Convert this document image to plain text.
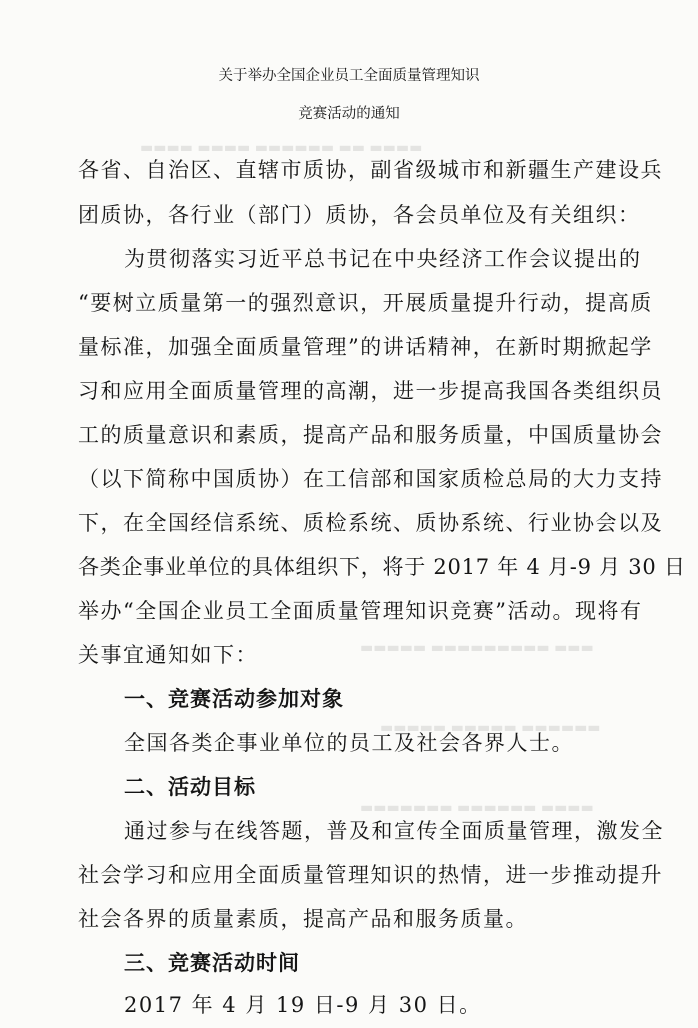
▬▬▬▬ ▬▬ ▬▬▬▬▬▬ ▬▬▬▬ ▬▬▬▬
▬▬▬ ▬▬▬▬▬▬▬▬▬ ▬▬▬▬▬
▬▬▬▬▬▬ ▬▬▬▬▬ ▬▬▬▬▬
▬▬▬▬ ▬▬▬▬▬▬ ▬▬▬▬▬▬▬
关于举办全国企业员工全面质量管理知识
竞赛活动的通知
各省、自治区、直辖市质协，副省级城市和新疆生产建设兵
团质协，各行业（部门）质协，各会员单位及有关组织：
为贯彻落实习近平总书记在中央经济工作会议提出的
“要树立质量第一的强烈意识，开展质量提升行动，提高质
量标准，加强全面质量管理”的讲话精神，在新时期掀起学
习和应用全面质量管理的高潮，进一步提高我国各类组织员
工的质量意识和素质，提高产品和服务质量，中国质量协会
（以下简称中国质协）在工信部和国家质检总局的大力支持
下，在全国经信系统、质检系统、质协系统、行业协会以及
各类企事业单位的具体组织下，将于 2017 年 4 月-9 月 30 日
举办“全国企业员工全面质量管理知识竞赛”活动。现将有
关事宜通知如下：
一、竞赛活动参加对象
全国各类企事业单位的员工及社会各界人士。
二、活动目标
通过参与在线答题，普及和宣传全面质量管理，激发全
社会学习和应用全面质量管理知识的热情，进一步推动提升
社会各界的质量素质，提高产品和服务质量。
三、竞赛活动时间
2017 年 4 月 19 日-9 月 30 日。
